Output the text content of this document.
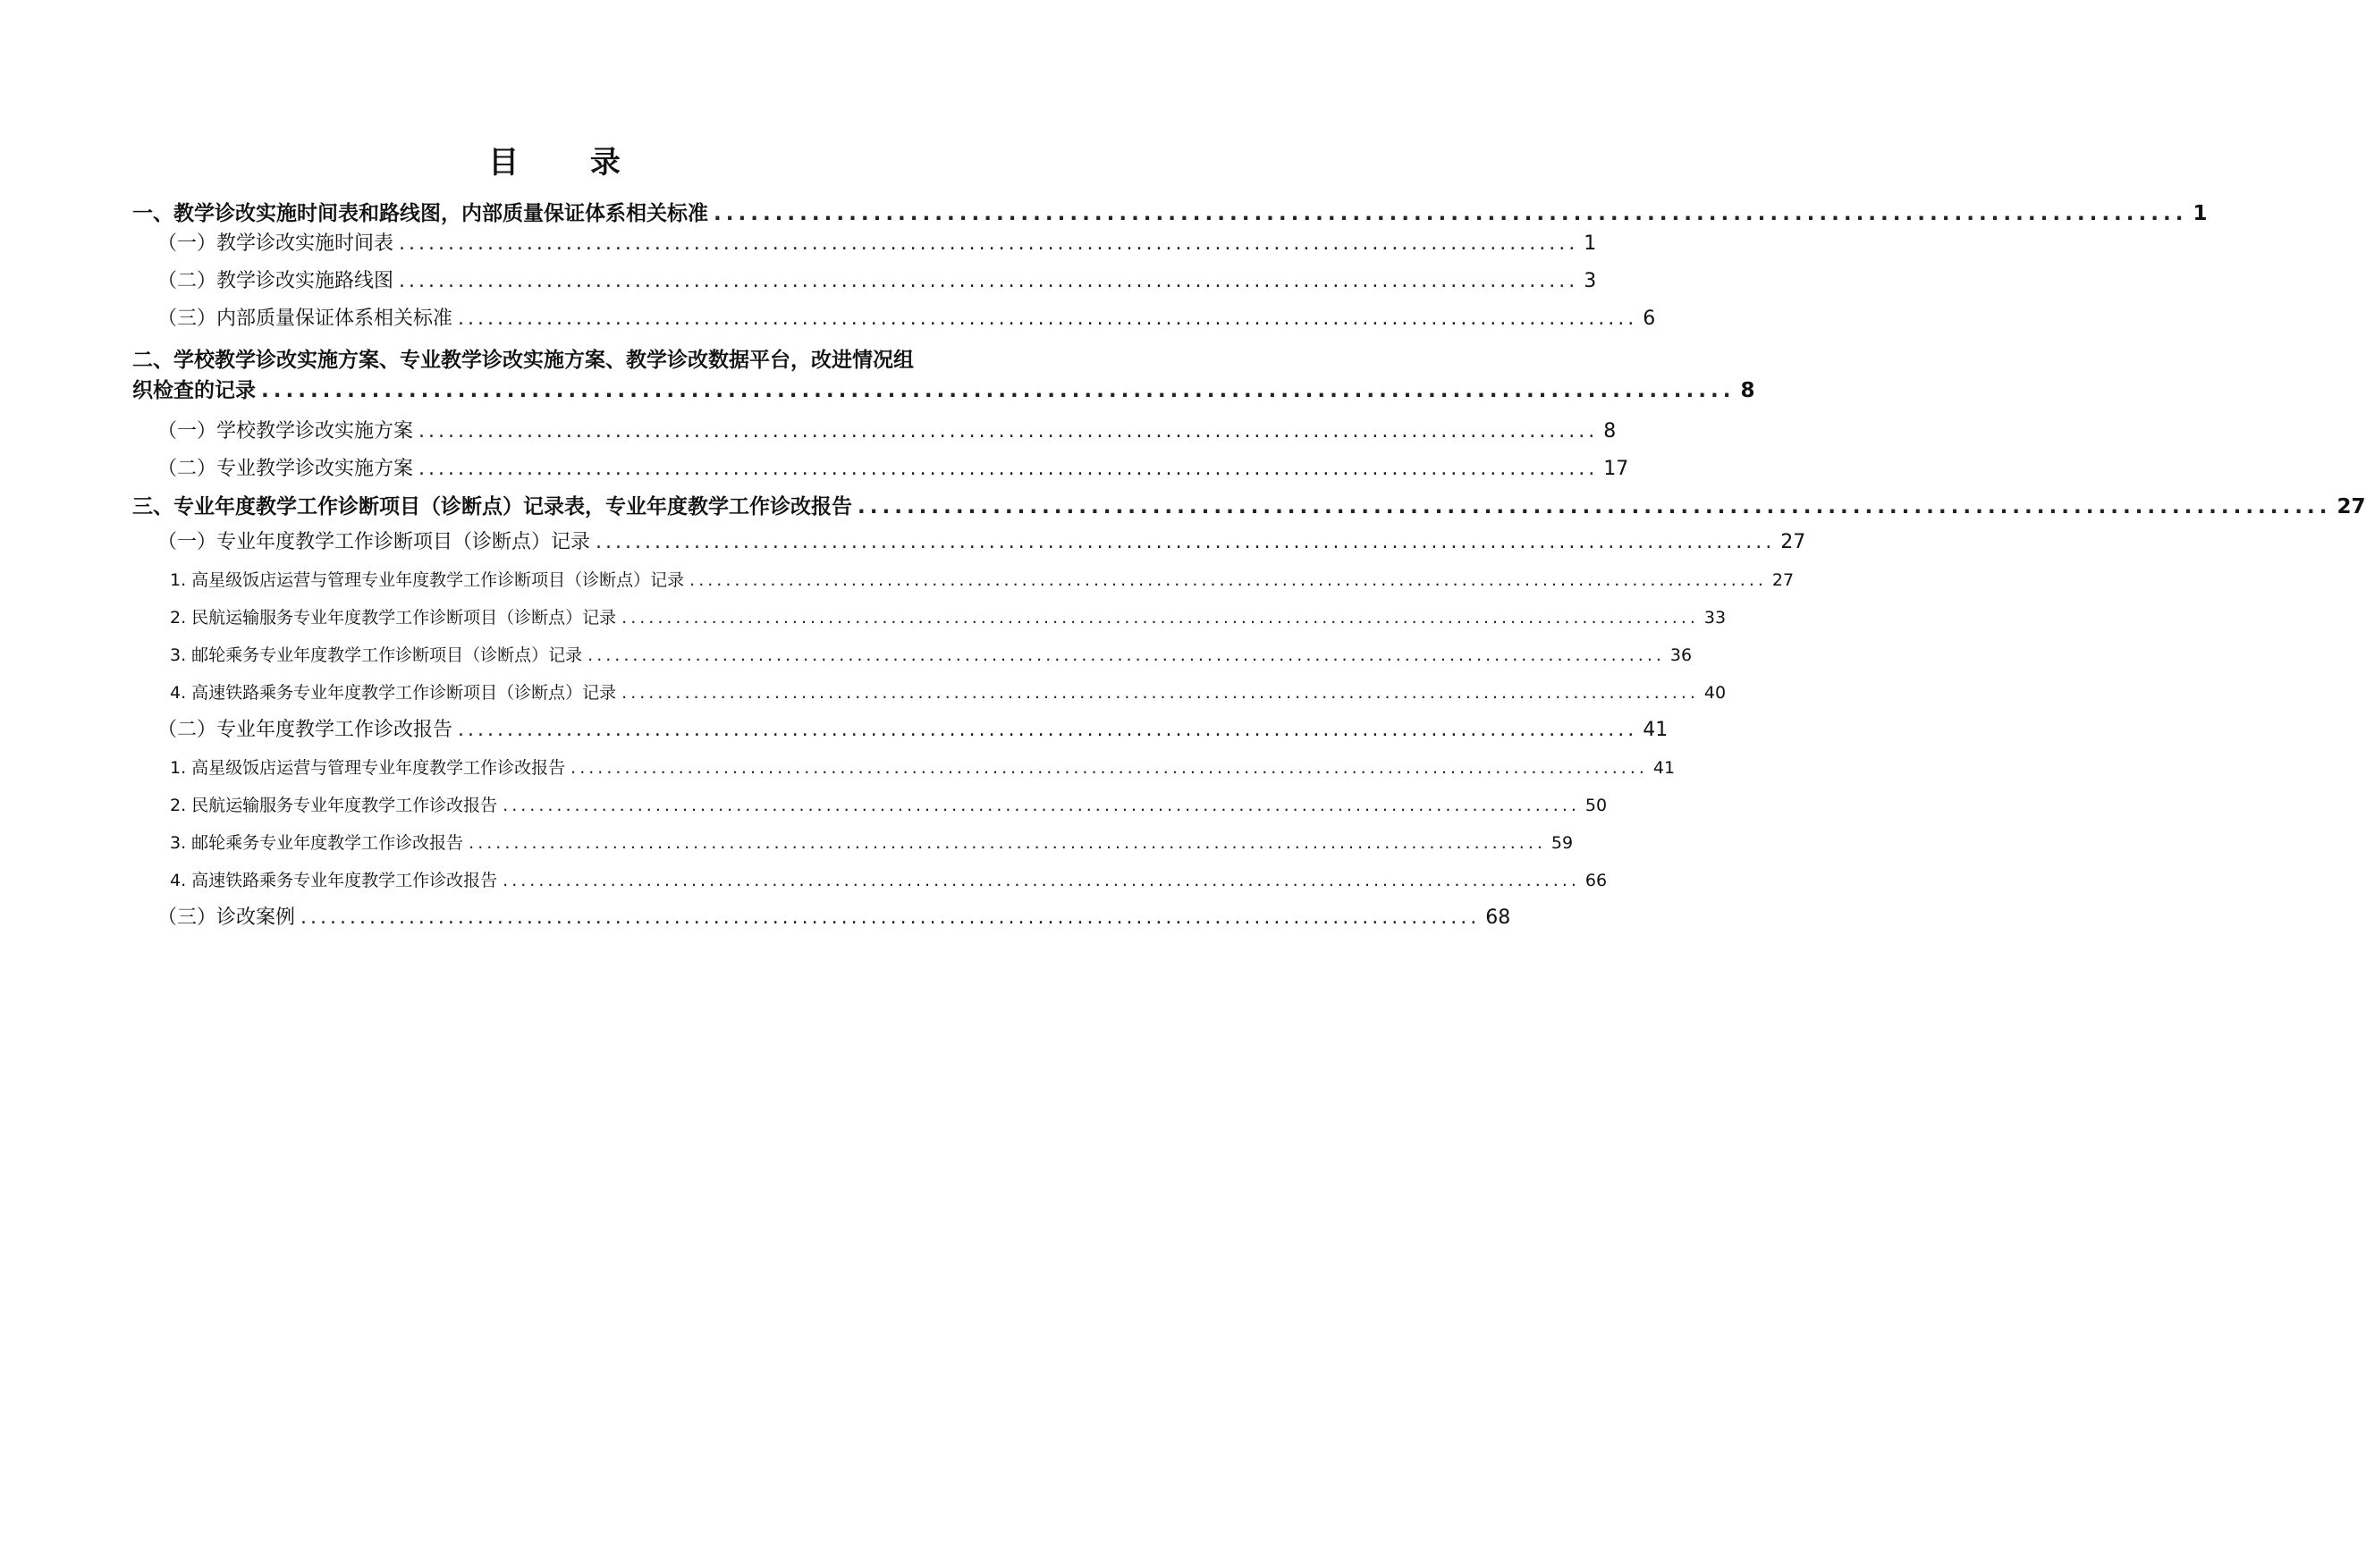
目 录
一、教学诊改实施时间表和路线图，内部质量保证体系相关标准 ........................................................................................................................ 1
（一）教学诊改实施时间表 ........................................................................................................................ 1
（二）教学诊改实施路线图 ........................................................................................................................ 3
（三）内部质量保证体系相关标准 ........................................................................................................................ 6
二、学校教学诊改实施方案、专业教学诊改实施方案、教学诊改数据平台，改进情况组
织检查的记录 ........................................................................................................................ 8
（一）学校教学诊改实施方案 ........................................................................................................................ 8
（二）专业教学诊改实施方案 ........................................................................................................................ 17
三、专业年度教学工作诊断项目（诊断点）记录表，专业年度教学工作诊改报告 ........................................................................................................................ 27
（一）专业年度教学工作诊断项目（诊断点）记录 ........................................................................................................................ 27
1. 高星级饭店运营与管理专业年度教学工作诊断项目（诊断点）记录 ........................................................................................................................ 27
2. 民航运输服务专业年度教学工作诊断项目（诊断点）记录 ........................................................................................................................ 33
3. 邮轮乘务专业年度教学工作诊断项目（诊断点）记录 ........................................................................................................................ 36
4. 高速铁路乘务专业年度教学工作诊断项目（诊断点）记录 ........................................................................................................................ 40
（二）专业年度教学工作诊改报告 ........................................................................................................................ 41
1. 高星级饭店运营与管理专业年度教学工作诊改报告 ........................................................................................................................ 41
2. 民航运输服务专业年度教学工作诊改报告 ........................................................................................................................ 50
3. 邮轮乘务专业年度教学工作诊改报告 ........................................................................................................................ 59
4. 高速铁路乘务专业年度教学工作诊改报告 ........................................................................................................................ 66
（三）诊改案例 ........................................................................................................................ 68
